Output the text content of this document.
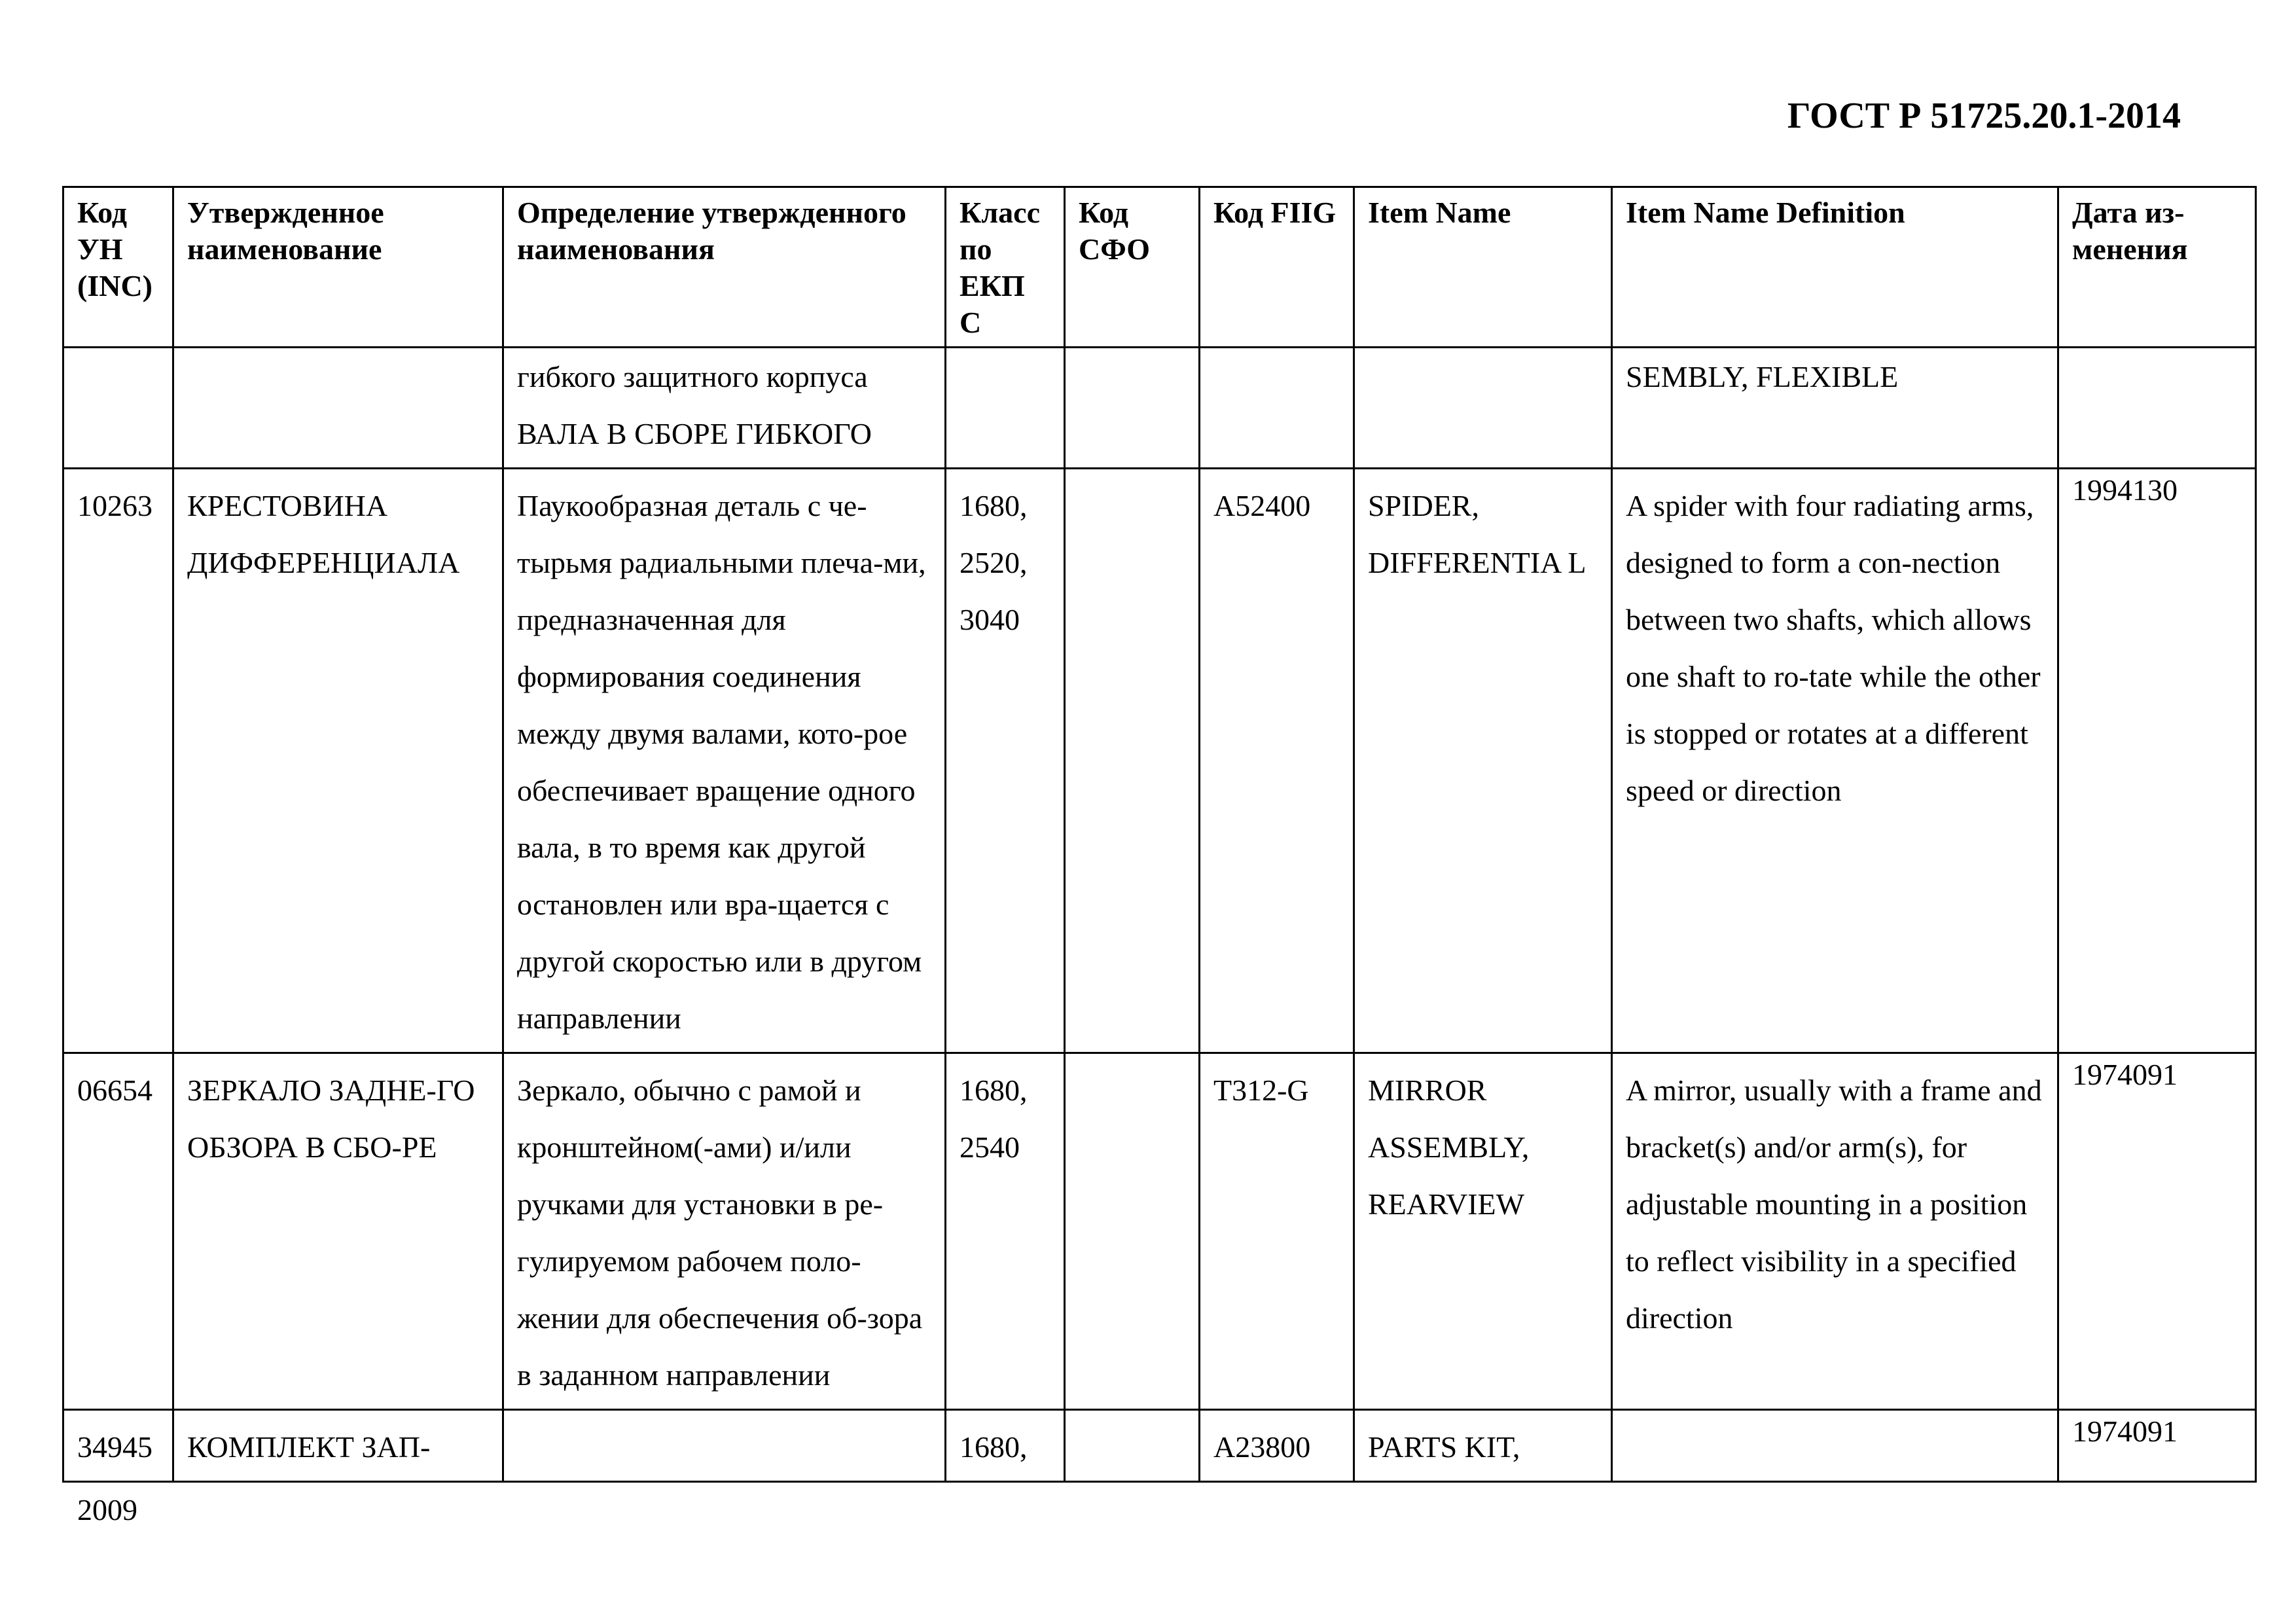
ГОСТ Р 51725.20.1-2014
Код УН (INC)	Утвержденное наименование	Определение утвержденного наименования	Класс по ЕКП С	Код СФО	Код FIIG	Item Name	Item Name Definition	Дата из-менения
		гибкого защитного корпуса ВАЛА В СБОРЕ ГИБКОГО					SEMBLY, FLEXIBLE	
10263	КРЕСТОВИНА ДИФФЕРЕНЦИАЛА	Паукообразная деталь с че-тырьмя радиальными плеча-ми, предназначенная для формирования соединения между двумя валами, кото-рое обеспечивает вращение одного вала, в то время как другой остановлен или вра-щается с другой скоростью или в другом направлении	1680, 2520, 3040		A52400	SPIDER, DIFFERENTIA L	A spider with four radiating arms, designed to form a con-nection between two shafts, which allows one shaft to ro-tate while the other is stopped or rotates at a different speed or direction	1994130
06654	ЗЕРКАЛО ЗАДНЕ-ГО ОБЗОРА В СБО-РЕ	Зеркало, обычно с рамой и кронштейном(-ами) и/или ручками для установки в ре-гулируемом рабочем поло-жении для обеспечения об-зора в заданном направлении	1680, 2540		T312-G	MIRROR ASSEMBLY, REARVIEW	A mirror, usually with a frame and bracket(s) and/or arm(s), for adjustable mounting in a position to reflect visibility in a specified direction	1974091
34945	КОМПЛЕКТ ЗАП-		1680,		A23800	PARTS KIT,		1974091
2009
